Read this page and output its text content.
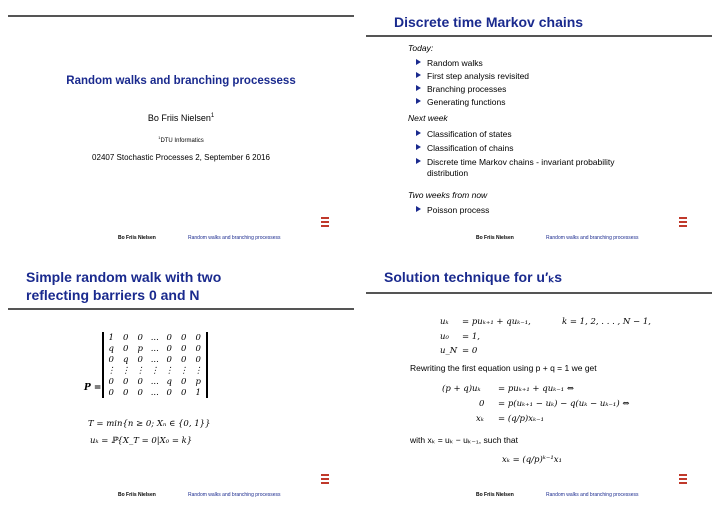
Random walks and branching processess
Bo Friis Nielsen$^1$
$^1$DTU Informatics
02407 Stochastic Processes 2, September 6 2016
Bo Friis Nielsen	Random walks and branching processess
Discrete time Markov chains
Today:
Random walks
First step analysis revisited
Branching processes
Generating functions
Next week
Classification of states
Classification of chains
Discrete time Markov chains - invariant probability
distribution
Two weeks from now
Poisson process
Bo Friis Nielsen	Random walks and branching processess
Simple random walk with two
reflecting barriers 0 and N
P =
1	0	0	...	0	0	0
q	0	p	...	0	0	0
0	q	0	...	0	0	0
⋮	⋮	⋮	⋮	⋮	⋮	⋮
0	0	0	...	q	0	p
0	0	0	...	0	0	1
T = min{n ≥ 0; Xₙ ∈ {0, 1}}
uₖ = ℙ{X_T = 0|X₀ = k}
Bo Friis Nielsen	Random walks and branching processess
Solution technique for u′ₖs
uₖ = puₖ₊₁ + quₖ₋₁,	k = 1, 2, . . . , N − 1,
u₀ = 1,
u_N = 0
Rewriting the first equation using p + q = 1 we get
(p + q)uₖ = puₖ₊₁ + quₖ₋₁ ⇔
0 = p(uₖ₊₁ − uₖ) − q(uₖ − uₖ₋₁) ⇔
xₖ = (q/p)xₖ₋₁
with xₖ = uₖ − uₖ₋₁, such that
xₖ = (q/p)ᵏ⁻¹x₁
Bo Friis Nielsen	Random walks and branching processess
